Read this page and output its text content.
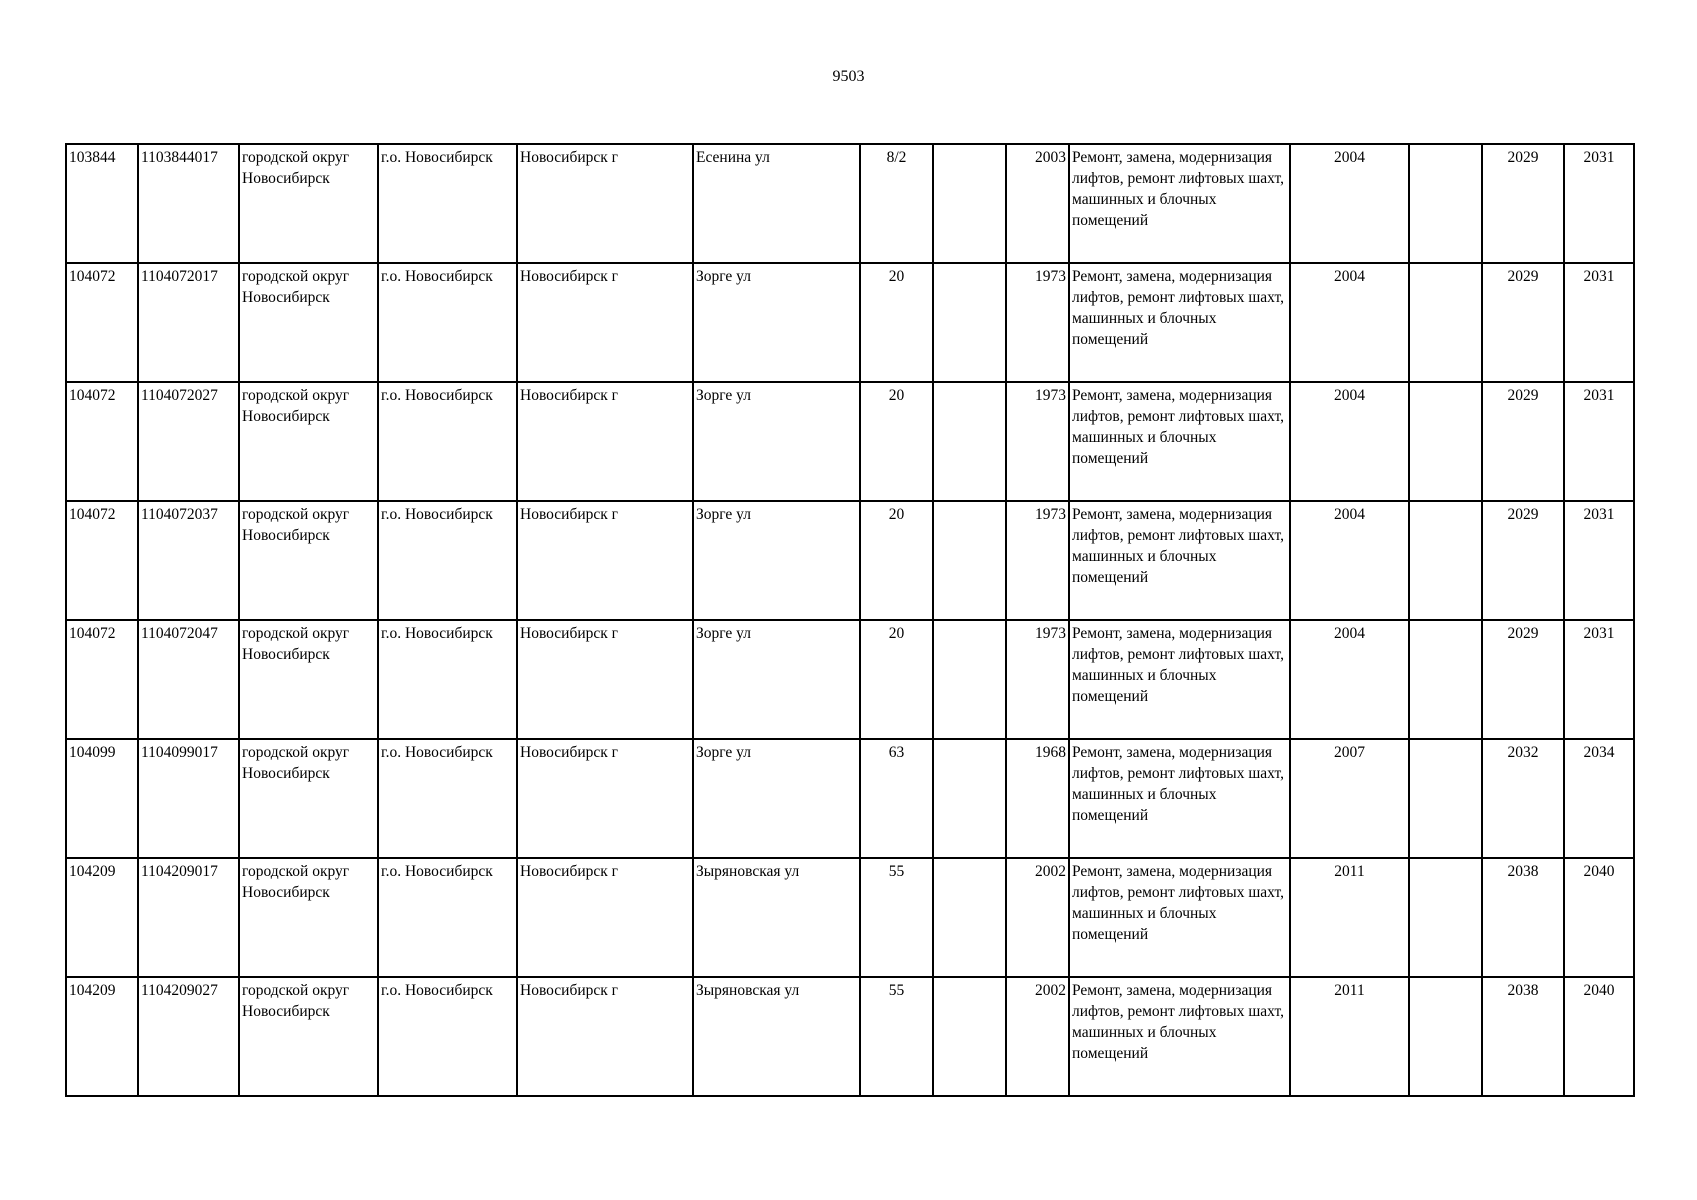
9503
103844	1103844017	городской округ Новосибирск	г.о. Новосибирск	Новосибирск г	Есенина ул	8/2		2003	Ремонт, замена, модернизация лифтов, ремонт лифтовых шахт, машинных и блочных помещений	2004		2029	2031
104072	1104072017	городской округ Новосибирск	г.о. Новосибирск	Новосибирск г	Зорге ул	20		1973	Ремонт, замена, модернизация лифтов, ремонт лифтовых шахт, машинных и блочных помещений	2004		2029	2031
104072	1104072027	городской округ Новосибирск	г.о. Новосибирск	Новосибирск г	Зорге ул	20		1973	Ремонт, замена, модернизация лифтов, ремонт лифтовых шахт, машинных и блочных помещений	2004		2029	2031
104072	1104072037	городской округ Новосибирск	г.о. Новосибирск	Новосибирск г	Зорге ул	20		1973	Ремонт, замена, модернизация лифтов, ремонт лифтовых шахт, машинных и блочных помещений	2004		2029	2031
104072	1104072047	городской округ Новосибирск	г.о. Новосибирск	Новосибирск г	Зорге ул	20		1973	Ремонт, замена, модернизация лифтов, ремонт лифтовых шахт, машинных и блочных помещений	2004		2029	2031
104099	1104099017	городской округ Новосибирск	г.о. Новосибирск	Новосибирск г	Зорге ул	63		1968	Ремонт, замена, модернизация лифтов, ремонт лифтовых шахт, машинных и блочных помещений	2007		2032	2034
104209	1104209017	городской округ Новосибирск	г.о. Новосибирск	Новосибирск г	Зыряновская ул	55		2002	Ремонт, замена, модернизация лифтов, ремонт лифтовых шахт, машинных и блочных помещений	2011		2038	2040
104209	1104209027	городской округ Новосибирск	г.о. Новосибирск	Новосибирск г	Зыряновская ул	55		2002	Ремонт, замена, модернизация лифтов, ремонт лифтовых шахт, машинных и блочных помещений	2011		2038	2040
